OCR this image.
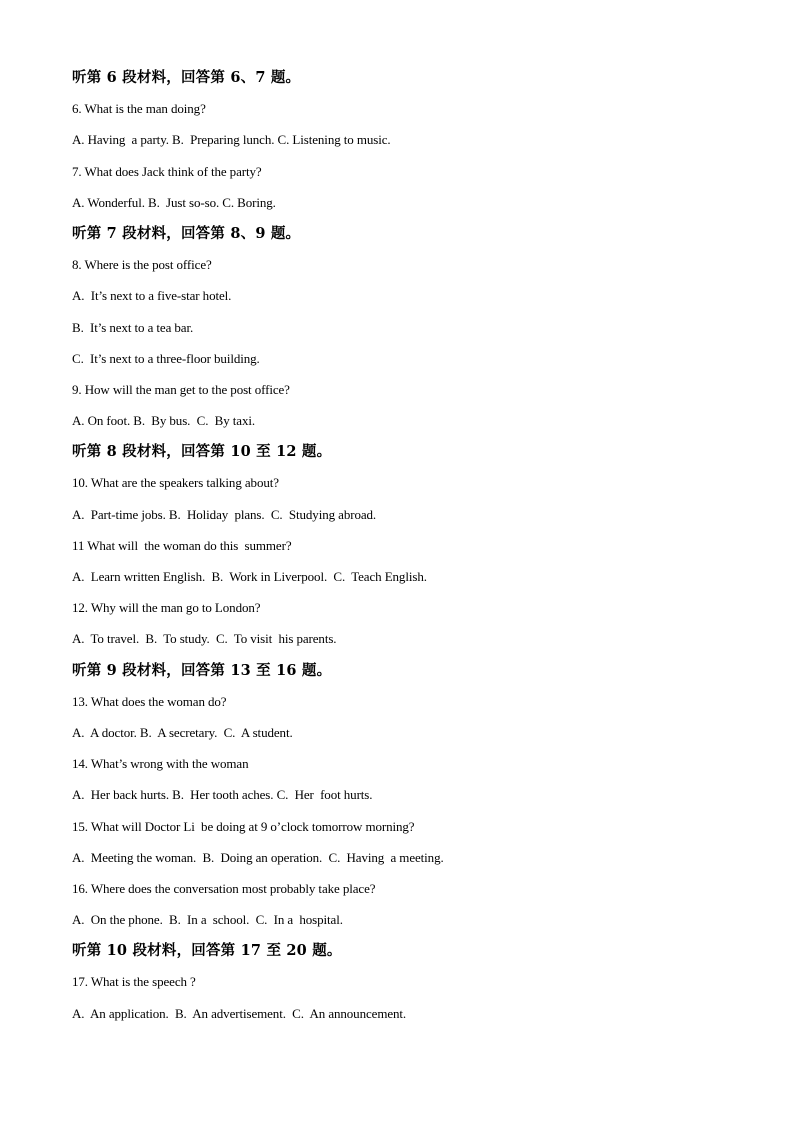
听第 6 段材料，回答第 6、7 题。
6. What is the man doing?
A. Having  a party. B.  Preparing lunch. C. Listening to music.
7. What does Jack think of the party?
A. Wonderful. B.  Just so-so. C. Boring.
听第 7 段材料，回答第 8、9 题。
8. Where is the post office?
A.  It’s next to a five-star hotel.
B.  It’s next to a tea bar.
C.  It’s next to a three-floor building.
9. How will the man get to the post office?
A. On foot. B.  By bus.  C.  By taxi.
听第 8 段材料，回答第 10 至 12 题。
10. What are the speakers talking about?
A.  Part-time jobs. B.  Holiday  plans.  C.  Studying abroad.
11 What will  the woman do this  summer?
A.  Learn written English.  B.  Work in Liverpool.  C.  Teach English.
12. Why will the man go to London?
A.  To travel.  B.  To study.  C.  To visit  his parents.
听第 9 段材料，回答第 13 至 16 题。
13. What does the woman do?
A.  A doctor. B.  A secretary.  C.  A student.
14. What’s wrong with the woman
A.  Her back hurts. B.  Her tooth aches. C.  Her  foot hurts.
15. What will Doctor Li  be doing at 9 o’clock tomorrow morning?
A.  Meeting the woman.  B.  Doing an operation.  C.  Having  a meeting.
16. Where does the conversation most probably take place?
A.  On the phone.  B.  In a  school.  C.  In a  hospital.
听第 10 段材料，回答第 17 至 20 题。
17. What is the speech ?
A.  An application.  B.  An advertisement.  C.  An announcement.
